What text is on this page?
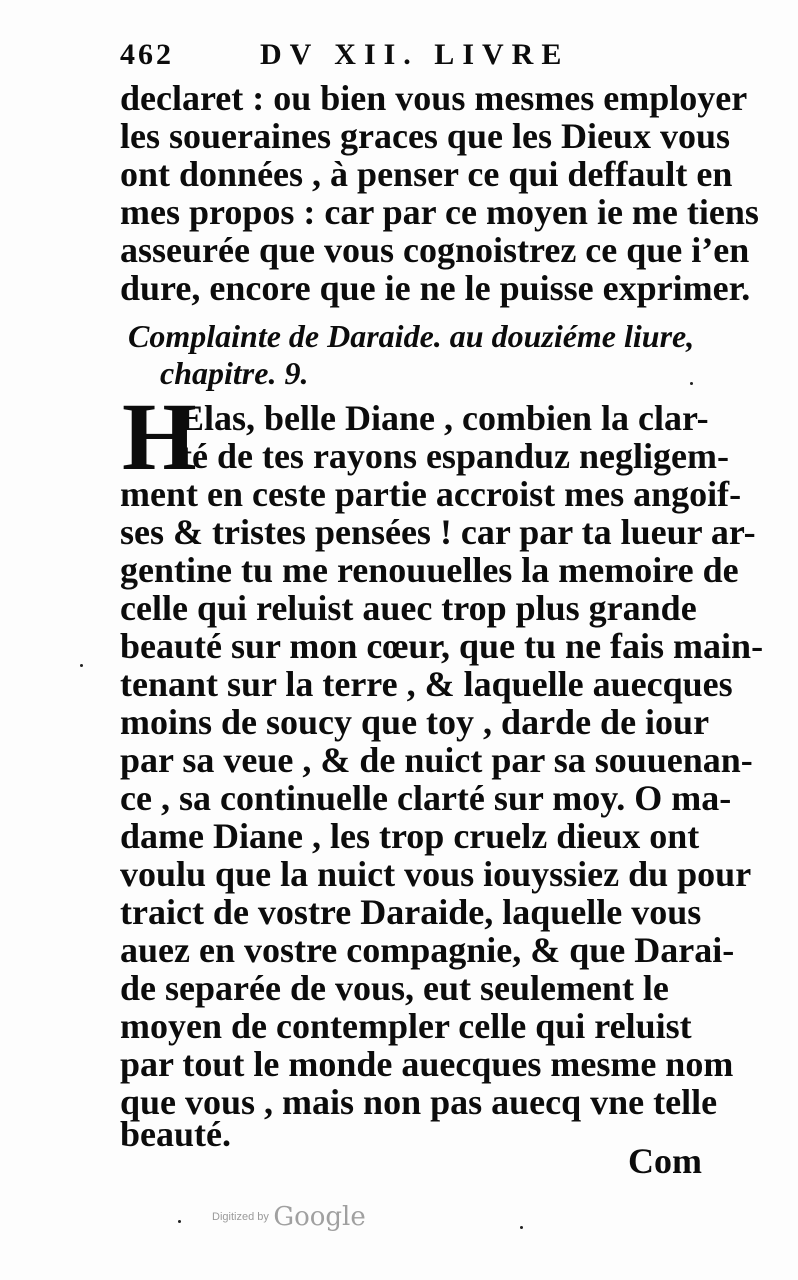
462	DV XII. LIVRE
declaret : ou bien vous mesmes employer
les soueraines graces que les Dieux vous
ont données , à penser ce qui deffault en
mes propos : car par ce moyen ie me tiens
asseurée que vous cognoistrez ce que i’en
dure, encore que ie ne le puisse exprimer.
Complainte de Daraide. au douziéme liure,
chapitre. 9.
H
Elas, belle Diane , combien la clar-
té de tes rayons espanduz negligem-
ment en ceste partie accroist mes angoif-
ses & tristes pensées ! car par ta lueur ar-
gentine tu me renouuelles la memoire de
celle qui reluist auec trop plus grande
beauté sur mon cœur, que tu ne fais main-
tenant sur la terre , & laquelle auecques
moins de soucy que toy , darde de iour
par sa veue , & de nuict par sa souuenan-
ce , sa continuelle clarté sur moy. O ma-
dame Diane , les trop cruelz dieux ont
voulu que la nuict vous iouyssiez du pour
traict de vostre Daraide, laquelle vous
auez en vostre compagnie, & que Darai-
de separée de vous, eut seulement le
moyen de contempler celle qui reluist
par tout le monde auecques mesme nom
que vous , mais non pas auecq vne telle
beauté.
Com
Digitized by Google
